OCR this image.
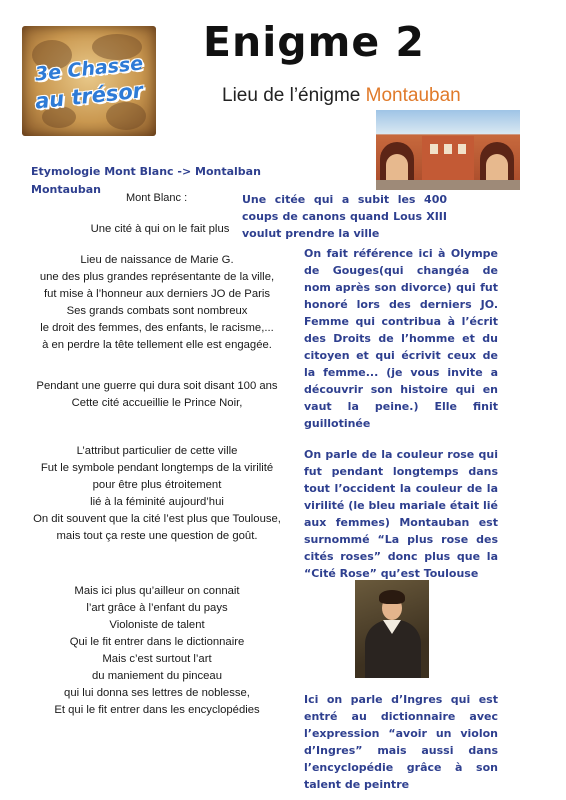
3e Chasse
au trésor
Enigme 2
Lieu de l’énigme Montauban
Etymologie Mont Blanc -> Montalban
Montauban
Mont Blanc :	Une citée qui a subit les 400 coups de canons quand Lous XIII voulut prendre la ville
On fait référence ici à Olympe de Gouges(qui changéa de nom après son divorce) qui fut honoré lors des derniers JO. Femme qui contribua à l’écrit des Droits de l’homme et du citoyen et qui écrivit ceux de la femme... (je vous invite a découvrir son histoire qui en vaut la peine.) Elle finit guillotinée
On parle de la couleur rose qui fut pendant longtemps dans tout l’occident la couleur de la virilité (le bleu mariale était lié aux femmes) Montauban est surnommé “La plus rose des cités roses” donc plus que la “Cité Rose” qu’est Toulouse
Ici on parle d’Ingres qui est entré au dictionnaire avec l’expression “avoir un violon d’Ingres” mais aussi dans l’encyclopédie grâce à son talent de peintre
Une cité à qui on le fait plus
Lieu de naissance de Marie G.
une des plus grandes représentante de la ville,
fut mise à l’honneur aux derniers JO de Paris
Ses grands combats sont nombreux
le droit des femmes, des enfants, le racisme,...
à en perdre la tête tellement elle est engagée.
Pendant une guerre qui dura soit disant 100 ans
Cette cité accueillie le Prince Noir,
L’attribut particulier de cette ville
Fut le symbole pendant longtemps de la virilité
pour être plus étroitement
lié à la féminité aujourd’hui
On dit souvent que la cité l’est plus que Toulouse,
mais tout ça reste une question de goût.
Mais ici plus qu’ailleur on connait
l’art grâce à l’enfant du pays
Violoniste de talent
Qui le fit entrer dans le dictionnaire
Mais c’est surtout l’art
du maniement du pinceau
qui lui donna ses lettres de noblesse,
Et qui le fit entrer dans les encyclopédies
